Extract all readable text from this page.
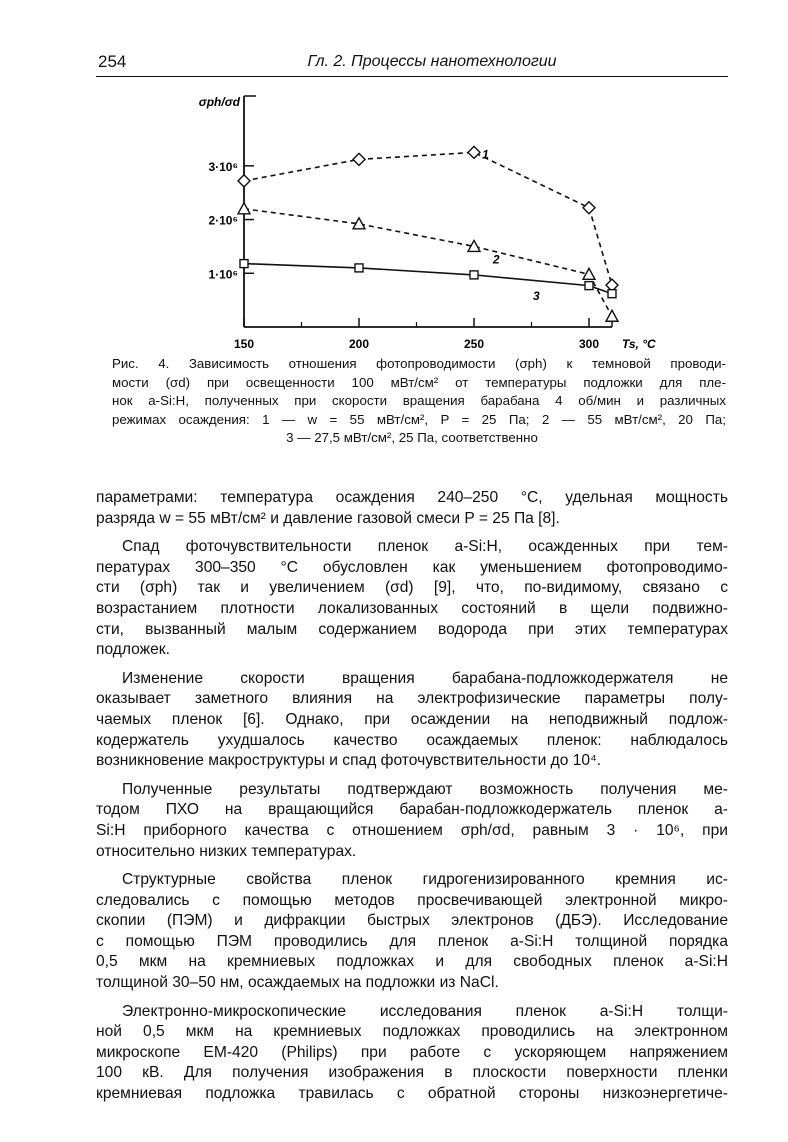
254	Гл. 2. Процессы нанотехнологии
150	200	250	300
1·10⁶
2·10⁶
3·10⁶
σph/σd
Ts, °C
1
2
3
Рис. 4. Зависимость отношения фотопроводимости (σph) к темновой проводи-
мости (σd) при освещенности 100 мВт/см² от температуры подложки для пле-
нок a-Si:H, полученных при скорости вращения барабана 4 об/мин и различных
режимах осаждения: 1 — w = 55 мВт/см², P = 25 Па; 2 — 55 мВт/см², 20 Па;
3 — 27,5 мВт/см², 25 Па, соответственно
параметрами: температура осаждения 240–250 °С, удельная мощность
разряда w = 55 мВт/см² и давление газовой смеси P = 25 Па [8].
Спад фоточувствительности пленок a-Si:H, осажденных при тем-
пературах 300–350 °С обусловлен как уменьшением фотопроводимо-
сти (σph) так и увеличением (σd) [9], что, по-видимому, связано с
возрастанием плотности локализованных состояний в щели подвижно-
сти, вызванный малым содержанием водорода при этих температурах
подложек.
Изменение скорости вращения барабана-подложкодержателя не
оказывает заметного влияния на электрофизические параметры полу-
чаемых пленок [6]. Однако, при осаждении на неподвижный подлож-
кодержатель ухудшалось качество осаждаемых пленок: наблюдалось
возникновение макроструктуры и спад фоточувствительности до 10⁴.
Полученные результаты подтверждают возможность получения ме-
тодом ПХО на вращающийся барабан-подложкодержатель пленок a-
Si:H приборного качества с отношением σph/σd, равным 3 · 10⁶, при
относительно низких температурах.
Структурные свойства пленок гидрогенизированного кремния ис-
следовались с помощью методов просвечивающей электронной микро-
скопии (ПЭМ) и дифракции быстрых электронов (ДБЭ). Исследование
с помощью ПЭМ проводились для пленок a-Si:H толщиной порядка
0,5 мкм на кремниевых подложках и для свободных пленок a-Si:H
толщиной 30–50 нм, осаждаемых на подложки из NaCl.
Электронно-микроскопические исследования пленок a-Si:H толщи-
ной 0,5 мкм на кремниевых подложках проводились на электронном
микроскопе EM-420 (Philips) при работе с ускоряющем напряжением
100 кВ. Для получения изображения в плоскости поверхности пленки
кремниевая подложка травилась с обратной стороны низкоэнергетиче-
